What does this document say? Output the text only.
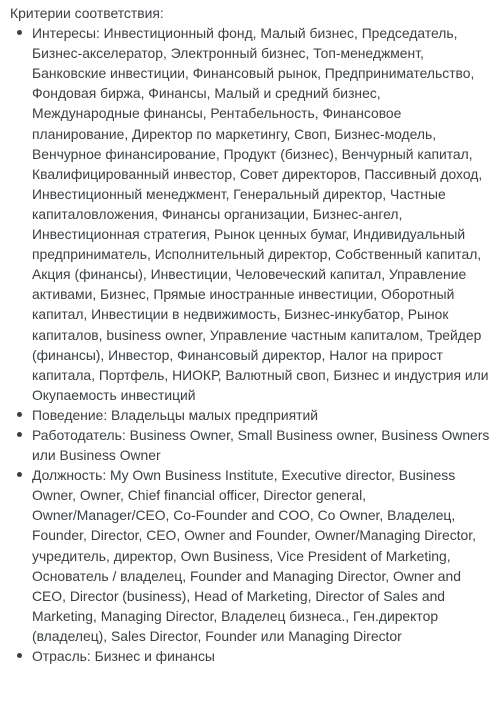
Критерии соответствия:
Интересы: Инвестиционный фонд, Малый бизнес, Председатель, Бизнес-акселератор, Электронный бизнес, Топ-менеджмент, Банковские инвестиции, Финансовый рынок, Предпринимательство, Фондовая биржа, Финансы, Малый и средний бизнес, Международные финансы, Рентабельность, Финансовое планирование, Директор по маркетингу, Своп, Бизнес-модель, Венчурное финансирование, Продукт (бизнес), Венчурный капитал, Квалифицированный инвестор, Совет директоров, Пассивный доход, Инвестиционный менеджмент, Генеральный директор, Частные капиталовложения, Финансы организации, Бизнес-ангел, Инвестиционная стратегия, Рынок ценных бумаг, Индивидуальный предприниматель, Исполнительный директор, Собственный капитал, Акция (финансы), Инвестиции, Человеческий капитал, Управление активами, Бизнес, Прямые иностранные инвестиции, Оборотный капитал, Инвестиции в недвижимость, Бизнес-инкубатор, Рынок капиталов, business owner, Управление частным капиталом, Трейдер (финансы), Инвестор, Финансовый директор, Налог на прирост капитала, Портфель, НИОКР, Валютный своп, Бизнес и индустрия или Окупаемость инвестиций
Поведение: Владельцы малых предприятий
Работодатель: Business Owner, Small Business owner, Business Owners или Business Owner
Должность: My Own Business Institute, Executive director, Business Owner, Owner, Chief financial officer, Director general, Owner/Manager/CEO, Co-Founder and COO, Co Owner, Владелец, Founder, Director, CEO, Owner and Founder, Owner/Managing Director, учредитель, директор, Own Business, Vice President of Marketing, Основатель / владелец, Founder and Managing Director, Owner and CEO, Director (business), Head of Marketing, Director of Sales and Marketing, Managing Director, Владелец бизнеса., Ген.директор (владелец), Sales Director, Founder или Managing Director
Отрасль: Бизнес и финансы
